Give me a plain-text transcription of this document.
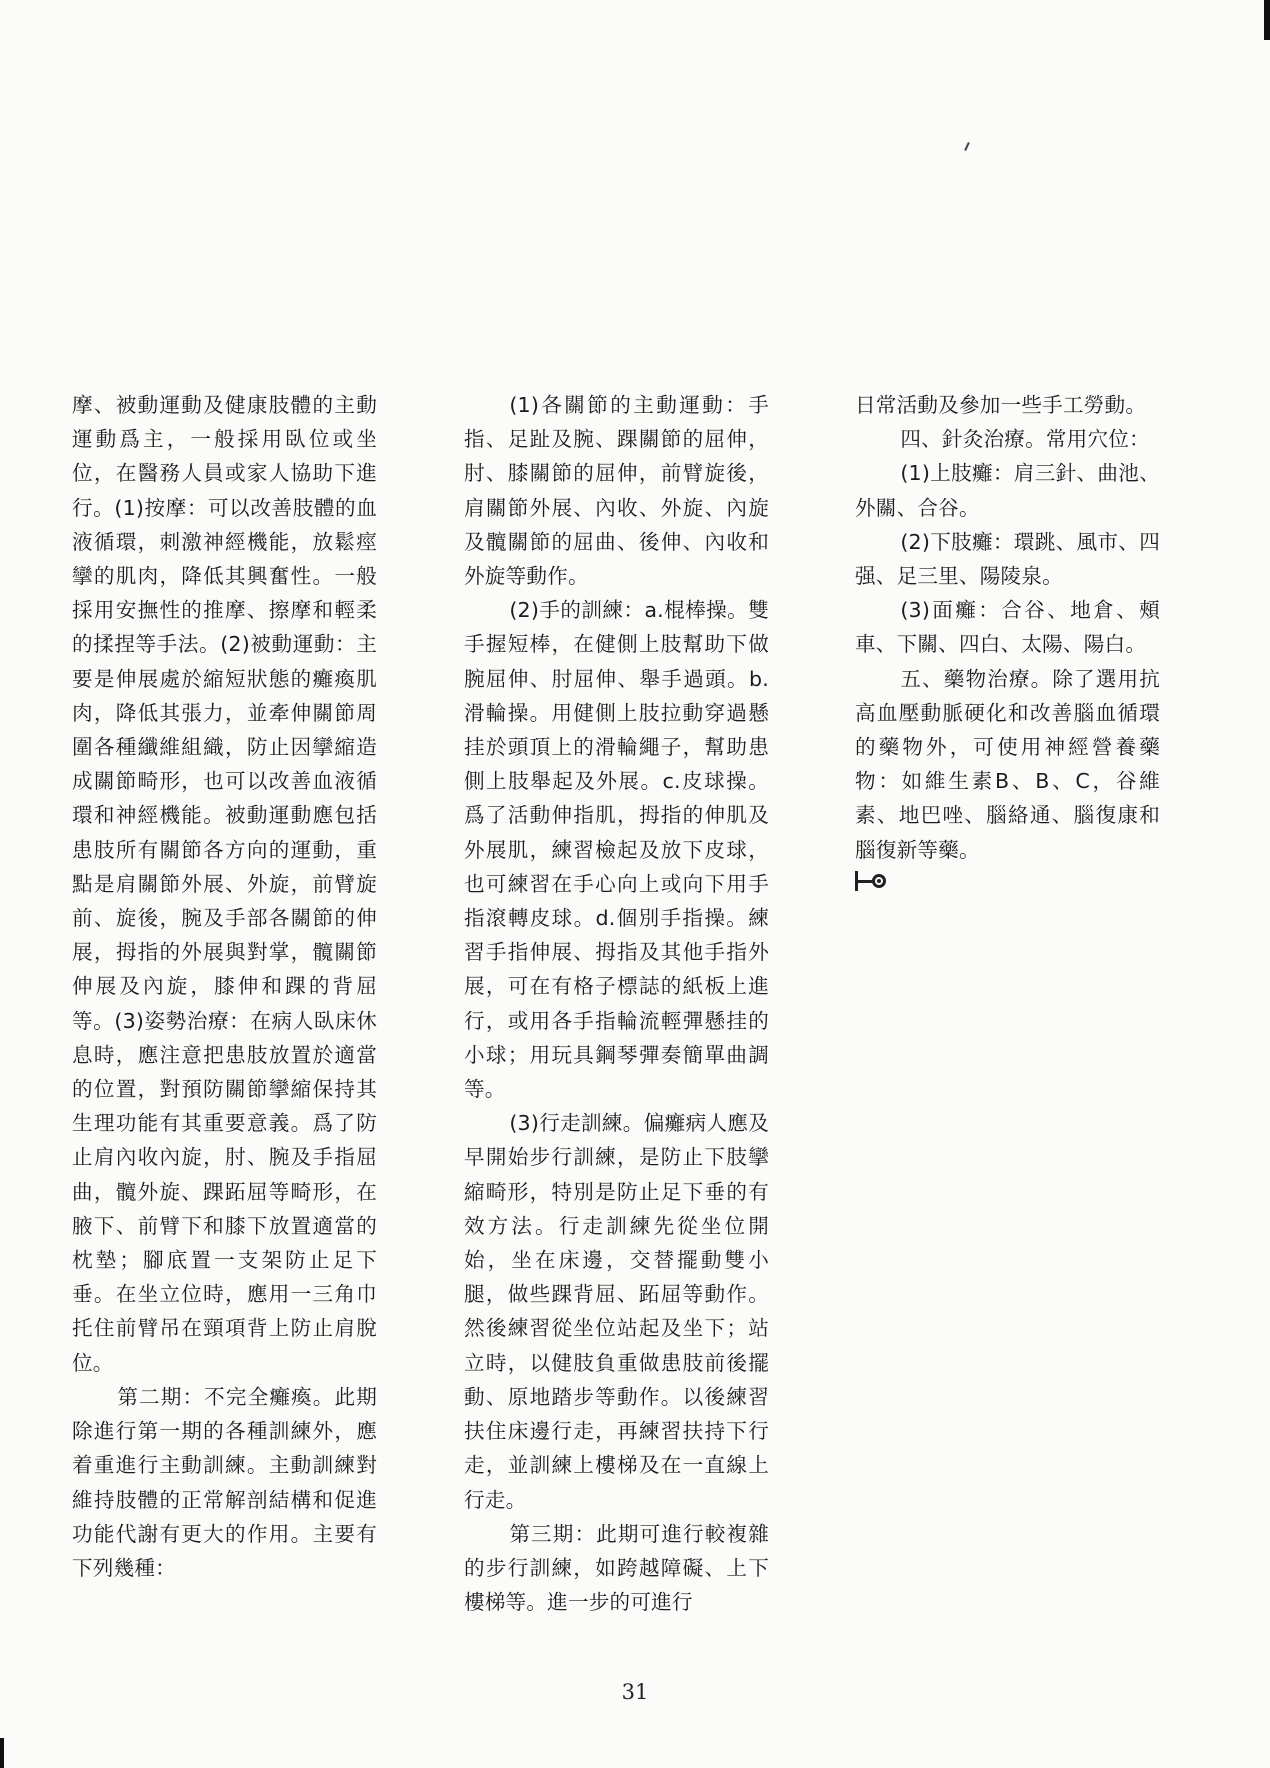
摩、被動運動及健康肢體的主動運動爲主，一般採用臥位或坐位，在醫務人員或家人協助下進行。(1)按摩：可以改善肢體的血液循環，刺激神經機能，放鬆痙攣的肌肉，降低其興奮性。一般採用安撫性的推摩、擦摩和輕柔的揉捏等手法。(2)被動運動：主要是伸展處於縮短狀態的癱瘓肌肉，降低其張力，並牽伸關節周圍各種纖維組織，防止因攣縮造成關節畸形，也可以改善血液循環和神經機能。被動運動應包括患肢所有關節各方向的運動，重點是肩關節外展、外旋，前臂旋前、旋後，腕及手部各關節的伸展，拇指的外展與對掌，髖關節伸展及內旋，膝伸和踝的背屈等。(3)姿勢治療：在病人臥床休息時，應注意把患肢放置於適當的位置，對預防關節攣縮保持其生理功能有其重要意義。爲了防止肩內收內旋，肘、腕及手指屈曲，髖外旋、踝跖屈等畸形，在腋下、前臂下和膝下放置適當的枕墊；腳底置一支架防止足下垂。在坐立位時，應用一三角巾托住前臂吊在頸項背上防止肩脫位。

第二期：不完全癱瘓。此期除進行第一期的各種訓練外，應着重進行主動訓練。主動訓練對維持肢體的正常解剖結構和促進功能代謝有更大的作用。主要有下列幾種：

(1)各關節的主動運動：手指、足趾及腕、踝關節的屈伸，肘、膝關節的屈伸，前臂旋後，肩關節外展、內收、外旋、內旋及髖關節的屈曲、後伸、內收和外旋等動作。

(2)手的訓練：a.棍棒操。雙手握短棒，在健側上肢幫助下做腕屈伸、肘屈伸、舉手過頭。b.滑輪操。用健側上肢拉動穿過懸挂於頭頂上的滑輪繩子，幫助患側上肢舉起及外展。c.皮球操。爲了活動伸指肌，拇指的伸肌及外展肌，練習檢起及放下皮球，也可練習在手心向上或向下用手指滾轉皮球。d.個別手指操。練習手指伸展、拇指及其他手指外展，可在有格子標誌的紙板上進行，或用各手指輪流輕彈懸挂的小球；用玩具鋼琴彈奏簡單曲調等。

(3)行走訓練。偏癱病人應及早開始步行訓練，是防止下肢攣縮畸形，特別是防止足下垂的有效方法。行走訓練先從坐位開始，坐在床邊，交替擺動雙小腿，做些踝背屈、跖屈等動作。然後練習從坐位站起及坐下；站立時，以健肢負重做患肢前後擺動、原地踏步等動作。以後練習扶住床邊行走，再練習扶持下行走，並訓練上樓梯及在一直線上行走。

第三期：此期可進行較複雜的步行訓練，如跨越障礙、上下樓梯等。進一步的可進行

日常活動及參加一些手工勞動。

四、針灸治療。常用穴位：

(1)上肢癱：肩三針、曲池、外關、合谷。

(2)下肢癱：環跳、風市、四强、足三里、陽陵泉。

(3)面癱：合谷、地倉、頰車、下關、四白、太陽、陽白。

五、藥物治療。除了選用抗高血壓動脈硬化和改善腦血循環的藥物外，可使用神經營養藥物：如維生素B、B、C，谷維素、地巴唑、腦絡通、腦復康和腦復新等藥。

31
